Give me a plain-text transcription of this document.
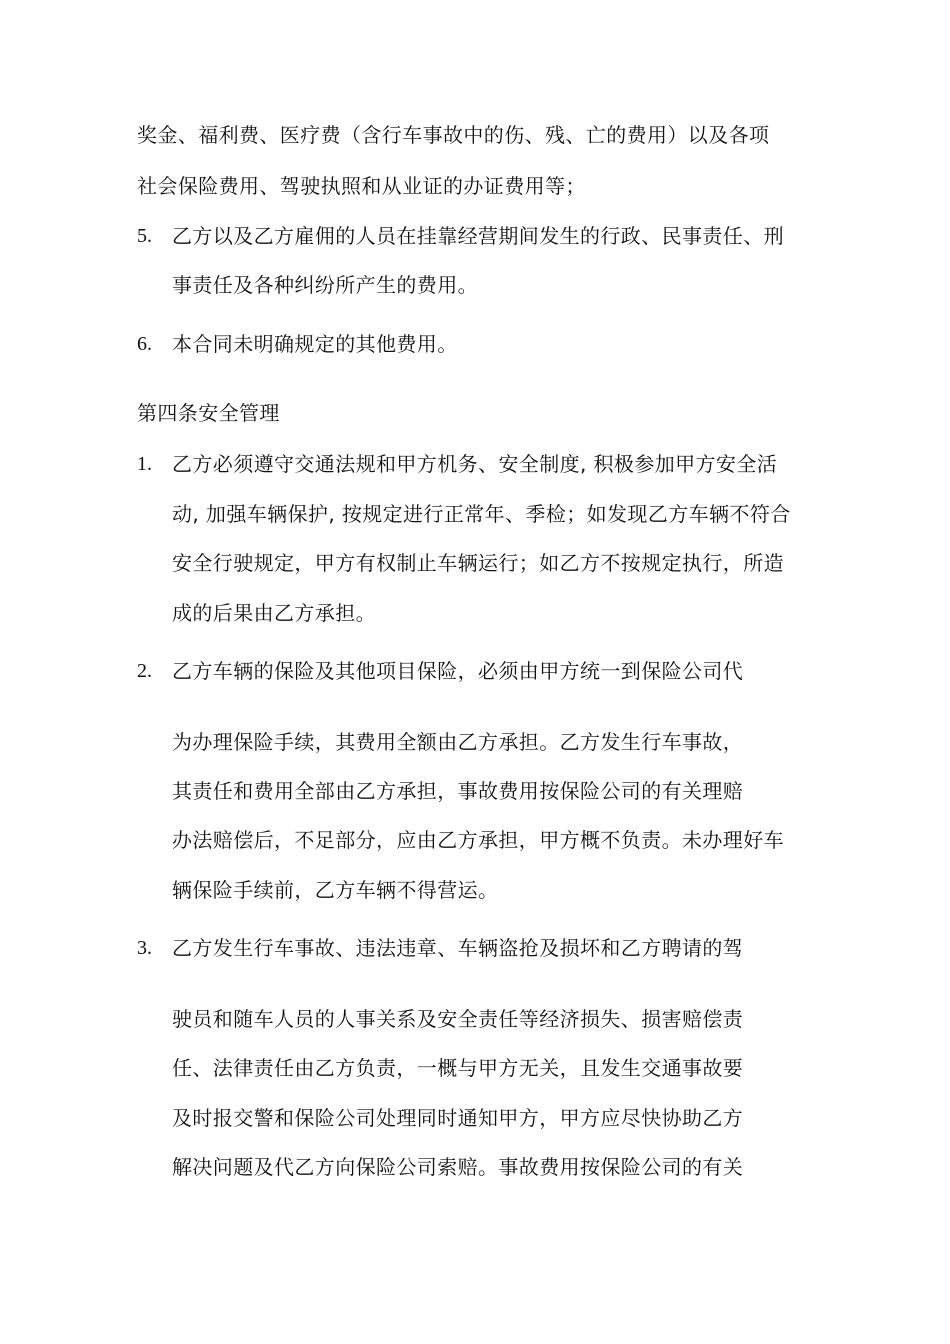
奖金、福利费、医疗费（含行车事故中的伤、残、亡的费用）以及各项
社会保险费用、驾驶执照和从业证的办证费用等；
5. 乙方以及乙方雇佣的人员在挂靠经营期间发生的行政、民事责任、刑
事责任及各种纠纷所产生的费用。
6. 本合同未明确规定的其他费用。
第四条安全管理
1. 乙方必须遵守交通法规和甲方机务、安全制度, 积极参加甲方安全活
动, 加强车辆保护, 按规定进行正常年、季检；如发现乙方车辆不符合
安全行驶规定，甲方有权制止车辆运行；如乙方不按规定执行，所造
成的后果由乙方承担。
2. 乙方车辆的保险及其他项目保险，必须由甲方统一到保险公司代
为办理保险手续，其费用全额由乙方承担。乙方发生行车事故，
其责任和费用全部由乙方承担，事故费用按保险公司的有关理赔
办法赔偿后，不足部分，应由乙方承担，甲方概不负责。未办理好车
辆保险手续前，乙方车辆不得营运。
3. 乙方发生行车事故、违法违章、车辆盗抢及损坏和乙方聘请的驾
驶员和随车人员的人事关系及安全责任等经济损失、损害赔偿责
任、法律责任由乙方负责，一概与甲方无关，且发生交通事故要
及时报交警和保险公司处理同时通知甲方，甲方应尽快协助乙方
解决问题及代乙方向保险公司索赔。事故费用按保险公司的有关
